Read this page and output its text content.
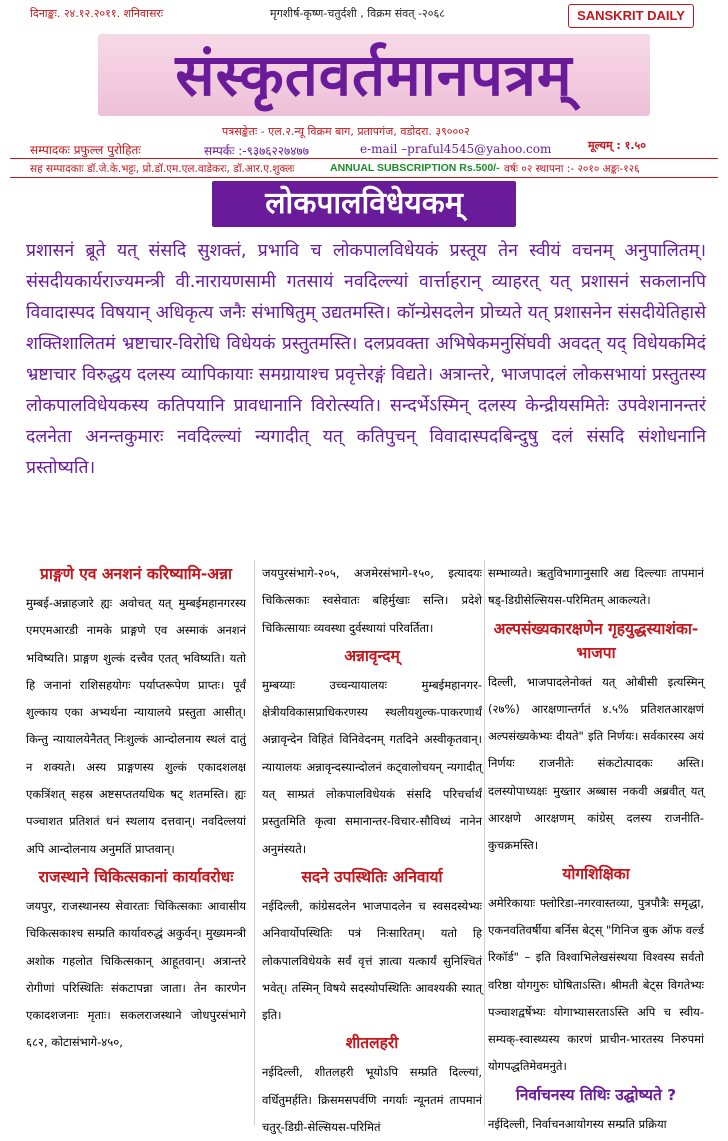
दिनाङ्कः. २४.१२.२०११. शनिवासरः	मृगशीर्ष-कृष्ण-चतुर्दशी , विक्रम संवत् -२०६८	SANSKRIT DAILY
संस्कृतवर्तमानपत्रम्
पत्रसङ्केतः - एल.२.न्यू विक्रम बाग, प्रतापगंज, वडोदरा. ३९०००२
सम्पादकः प्रफुल्ल पुरोहितः	सम्पर्कः :-९३७६२२७४७७	e-mail –praful4545@yahoo.com	मूल्यम् : १.५०
सह सम्पादकाः डॉ.जे.के.भट्टः, प्रो.डॉ.एम.एल.वाडेकरः, डॉ.आर.ए.शुक्लः	ANNUAL SUBSCRIPTION Rs.500/- वर्षः ०२ स्थापना :- २०१० अङ्कः-१२६
लोकपालविधेयकम्

प्रशासनं ब्रूते यत् संसदि सुशक्तं, प्रभावि च लोकपालविधेयकं प्रस्तूय तेन स्वीयं वचनम् अनुपालितम्। संसदीयकार्यराज्यमन्त्री वी.नारायणसामी गतसायं नवदिल्ल्यां वार्त्ताहरान् व्याहरत् यत् प्रशासनं सकलानपि विवादास्पद विषयान् अधिकृत्य जनैः संभाषितुम् उद्यतमस्ति। कॉन्ग्रेसदलेन प्रोच्यते यत् प्रशासनेन संसदीयेतिहासे शक्तिशालितमं भ्रष्टाचार-विरोधि विधेयकं प्रस्तुतमस्ति। दलप्रवक्ता अभिषेकमनुसिंघवी अवदत् यद् विधेयकमिदं भ्रष्टाचार विरुद्धय दलस्य व्यापिकायाः समग्रायाश्च प्रवृत्तेरङ्गं विद्यते। अत्रान्तरे, भाजपादलं लोकसभायां प्रस्तुतस्य लोकपालविधेयकस्य कतिपयानि प्रावधानानि विरोत्स्यति। सन्दर्भेऽस्मिन् दलस्य केन्द्रीयसमितेः उपवेशनानन्तरं दलनेता अनन्तकुमारः नवदिल्ल्यां न्यगादीत् यत् कतिपुचन् विवादास्पदबिन्दुषु दलं संसदि संशोधनानि प्रस्तोष्यति।

प्राङ्गणे एव अनशनं करिष्यामि-अन्ना

मुम्बई-अन्नाहजारे ह्यः अवोचत् यत् मुम्बईमहानगरस्य एमएमआरडी नामके प्राङ्गणे एव अस्माकं अनशनं भविष्यति। प्राङ्गण शुल्कं दत्त्वैव एतत् भविष्यति। यतो हि जनानां राशिसहयोगः पर्याप्तरूपेण प्राप्तः। पूर्वं शुल्काय एका अभ्यर्थना न्यायालये प्रस्तुता आसीत्। किन्तु न्यायालयेनैतत् निःशुल्कं आन्दोलनाय स्थलं दातुं न शक्यते। अस्य प्राङ्गणस्य शुल्कं एकादशलक्ष एकत्रिंशत् सहस्र अष्टसप्ततयधिक षट् शतमस्ति। ह्यः पञ्चाशत प्रतिशतं धनं स्थलाय दत्तवान्। नवदिल्लयां अपि आन्दोलनाय अनुमतिं प्राप्तवान्।

राजस्थाने चिकित्सकानां कार्यावरोधः

जयपुर, राजस्थानस्य सेवारताः चिकित्सकाः आवासीय चिकित्सकाश्च सम्प्रति कार्यावरुद्धं अकुर्वन्। मुख्यमन्त्री अशोक गहलोत चिकित्सकान् आहूतवान्। अत्रान्तरे रोगीणां परिस्थितिः संकटापन्ना जाता। तेन कारणेन एकादशजनाः मृताः। सकलराजस्थाने जोधपुरसंभागे ६८२, कोटासंभागे-४५०,

जयपुरसंभागे-२०५, अजमेरसंभागे-१५०, इत्यादयः चिकित्सकाः स्वसेवातः बहिर्मुखाः सन्ति। प्रदेशे चिकित्सायाः व्यवस्था दुर्वस्थायां परिवर्तिता।

अन्नावृन्दम्

मुम्बय्याः उच्चन्यायालयः मुम्बईमहानगर-क्षेत्रीयविकासप्राधिकरणस्य स्थलीयशुल्क-पाकरणार्थं अन्नावृन्देन विहितं विनिवेदनम् गतदिने अस्वीकृतवान्। न्यायालयः अन्नावृन्दस्यान्दोलनं कट्वालोचयन् न्यगादीत् यत् साम्प्रतं लोकपालविधेयकं संसदि परिचर्चार्थं प्रस्तुतमिति कृत्वा समानान्तर-विचार-सौविध्यं नानेन अनुमंस्यते।

सदने उपस्थितिः अनिवार्या

नईदिल्ली, कांग्रेसदलेन भाजपादलेन च स्वसदस्येभ्यः अनिवार्योपस्थितिः पत्रं निःसारितम्। यतो हि लोकपालविधेयके सर्वं वृत्तं ज्ञात्वा यत्कार्यं सुनिश्चितं भवेत्। तस्मिन् विषये सदस्योपस्थितिः आवश्यकी स्यात् इति।

शीतलहरी

नईदिल्ली, शीतलहरी भूयोऽपि सम्प्रति दिल्ल्यां, वर्धितुमर्हति। क्रिसमसपर्वणि नगर्याः न्यूनतमं तापमानं चतुर्-डिग्री-सेल्सियस-परिमितं

सम्भाव्यते। ऋतुविभागानुसारि अद्य दिल्ल्याः तापमानं षड्-डिग्रीसेल्सियस-परिमितम् आकल्यते।

अल्पसंख्यकारक्षणेन गृहयुद्धस्याशंका-भाजपा

दिल्ली, भाजपादलेनोक्तं यत् ओबीसी इत्यस्मिन् (२७%) आरक्षणान्तर्गतं ४.५% प्रतिशतआरक्षणं अल्पसंख्यकेभ्यः दीयते" इति निर्णयः। सर्वकारस्य अयं निर्णयः राजनीतेः संकटोत्पादकः अस्ति। दलस्योपाध्यक्षः मुख्तार अब्बास नकवी अब्रवीत् यत् आरक्षणे आरक्षणम् कांग्रेस् दलस्य राजनीति-कुचक्रमस्ति।

योगशिक्षिका

अमेरिकायाः फ्लोरिडा-नगरवास्तव्या, पुत्रपौत्रैः समृद्धा, एकनवतिवर्षीया बर्निस बेट्स् "गिनिज बुक ऑफ वर्ल्ड रिकॉर्ड" – इति विश्वाभिलेखसंस्थया विश्वस्य सर्वतो वरिष्ठा योगगुरुः घोषिताऽस्ति। श्रीमती बेट्स विगतेभ्यः पञ्चाशद्वर्षेभ्यः योगाभ्यासरताऽस्ति अपि च स्वीय-सम्यक्-स्वास्थ्यस्य कारणं प्राचीन-भारतस्य निरुपमां योगपद्धतिमेवमनुते।

निर्वाचनस्य तिथिः उद्घोष्यते ?

नईदिल्ली, निर्वाचनआयोगस्य सम्प्रति प्रक्रिया
